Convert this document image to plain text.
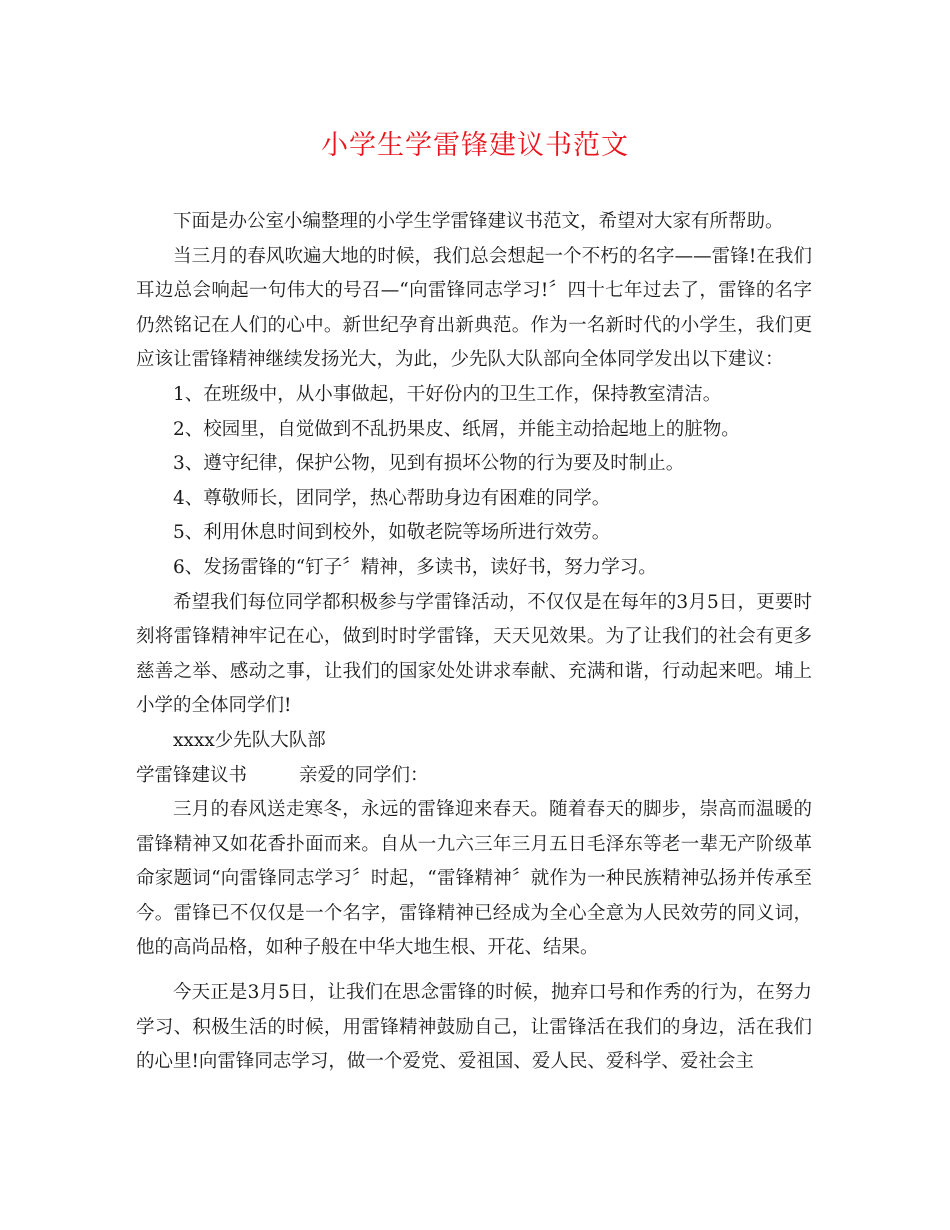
小学生学雷锋建议书范文

下面是办公室小编整理的小学生学雷锋建议书范文，希望对大家有所帮助。

当三月的春风吹遍大地的时候，我们总会想起一个不朽的名字——雷锋!在我们耳边总会响起一句伟大的号召—“向雷锋同志学习!〞四十七年过去了，雷锋的名字仍然铭记在人们的心中。新世纪孕育出新典范。作为一名新时代的小学生，我们更应该让雷锋精神继续发扬光大，为此，少先队大队部向全体同学发出以下建议：

1、在班级中，从小事做起，干好份内的卫生工作，保持教室清洁。

2、校园里，自觉做到不乱扔果皮、纸屑，并能主动拾起地上的脏物。

3、遵守纪律，保护公物，见到有损坏公物的行为要及时制止。

4、尊敬师长，团同学，热心帮助身边有困难的同学。

5、利用休息时间到校外，如敬老院等场所进行效劳。

6、发扬雷锋的“钉子〞精神，多读书，读好书，努力学习。

希望我们每位同学都积极参与学雷锋活动，不仅仅是在每年的3月5日，更要时刻将雷锋精神牢记在心，做到时时学雷锋，天天见效果。为了让我们的社会有更多慈善之举、感动之事，让我们的国家处处讲求奉献、充满和谐，行动起来吧。埔上小学的全体同学们!

xxxx少先队大队部

学雷锋建议书	亲爱的同学们：

三月的春风送走寒冬，永远的雷锋迎来春天。随着春天的脚步，崇高而温暖的雷锋精神又如花香扑面而来。自从一九六三年三月五日毛泽东等老一辈无产阶级革命家题词“向雷锋同志学习〞时起，“雷锋精神〞就作为一种民族精神弘扬并传承至今。雷锋已不仅仅是一个名字，雷锋精神已经成为全心全意为人民效劳的同义词，他的高尚品格，如种子般在中华大地生根、开花、结果。

今天正是3月5日，让我们在思念雷锋的时候，抛弃口号和作秀的行为，在努力学习、积极生活的时候，用雷锋精神鼓励自己，让雷锋活在我们的身边，活在我们的心里!向雷锋同志学习，做一个爱党、爱祖国、爱人民、爱科学、爱社会主
